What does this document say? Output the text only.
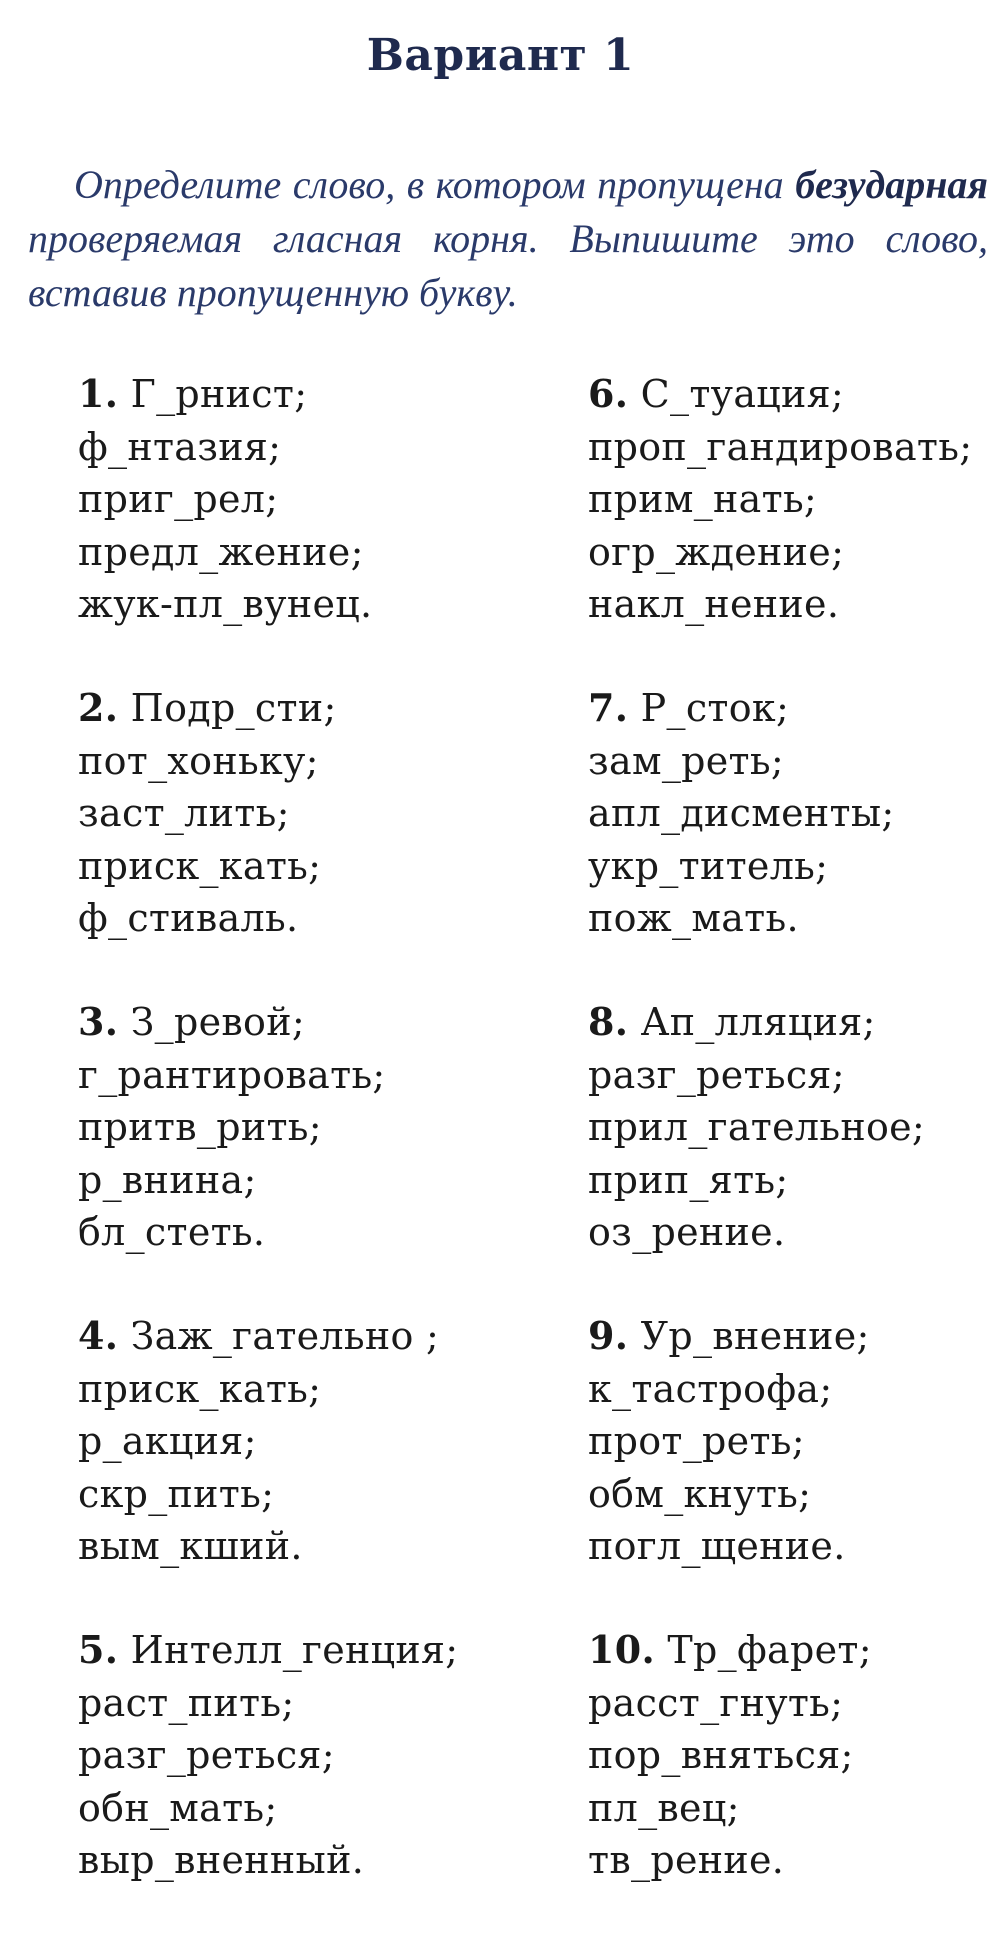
Вариант 1
Определите слово, в котором пропущена безударная проверяемая гласная корня. Выпишите это слово, вставив пропущенную букву.
1. Г_рнист;
ф_нтазия;
приг_рел;
предл_жение;
жук-пл_вунец.
2. Подр_сти;
пот_хоньку;
заст_лить;
приск_кать;
ф_стиваль.
3. З_ревой;
г_рантировать;
притв_рить;
р_внина;
бл_стеть.
4. Заж_гательно ;
приск_кать;
р_акция;
скр_пить;
вым_кший.
5. Интелл_генция;
раст_пить;
разг_реться;
обн_мать;
выр_вненный.
6. С_туация;
проп_гандировать;
прим_нать;
огр_ждение;
накл_нение.
7. Р_сток;
зам_реть;
апл_дисменты;
укр_титель;
пож_мать.
8. Ап_лляция;
разг_реться;
прил_гательное;
прип_ять;
оз_рение.
9. Ур_внение;
к_тастрофа;
прот_реть;
обм_кнуть;
погл_щение.
10. Тр_фарет;
расст_гнуть;
пор_вняться;
пл_вец;
тв_рение.
